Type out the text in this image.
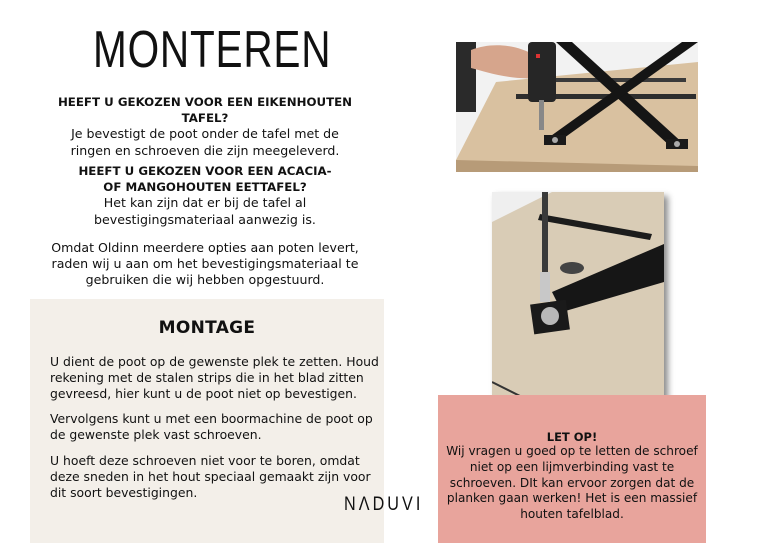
MONTEREN
HEEFT U GEKOZEN VOOR EEN EIKENHOUTEN TAFEL?
Je bevestigt de poot onder de tafel met de
ringen en schroeven die zijn meegeleverd.
HEEFT U GEKOZEN VOOR EEN ACACIA-
OF MANGOHOUTEN EETTAFEL?
Het kan zijn dat er bij de tafel al
bevestigingsmateriaal aanwezig is.
Omdat Oldinn meerdere opties aan poten levert,
raden wij u aan om het bevestigingsmateriaal te
gebruiken die wij hebben opgestuurd.
MONTAGE
U dient de poot op de gewenste plek te zetten. Houd
rekening met de stalen strips die in het blad zitten
gevreesd, hier kunt u de poot niet op bevestigen.
Vervolgens kunt u met een boormachine de poot op
de gewenste plek vast schroeven.
U hoeft deze schroeven niet voor te boren, omdat
deze sneden in het hout speciaal gemaakt zijn voor
dit soort bevestigingen.
NΛDUVI
LET OP!
Wij vragen u goed op te letten de schroef
niet op een lijmverbinding vast te
schroeven. DIt kan ervoor zorgen dat de
planken gaan werken! Het is een massief
houten tafelblad.
